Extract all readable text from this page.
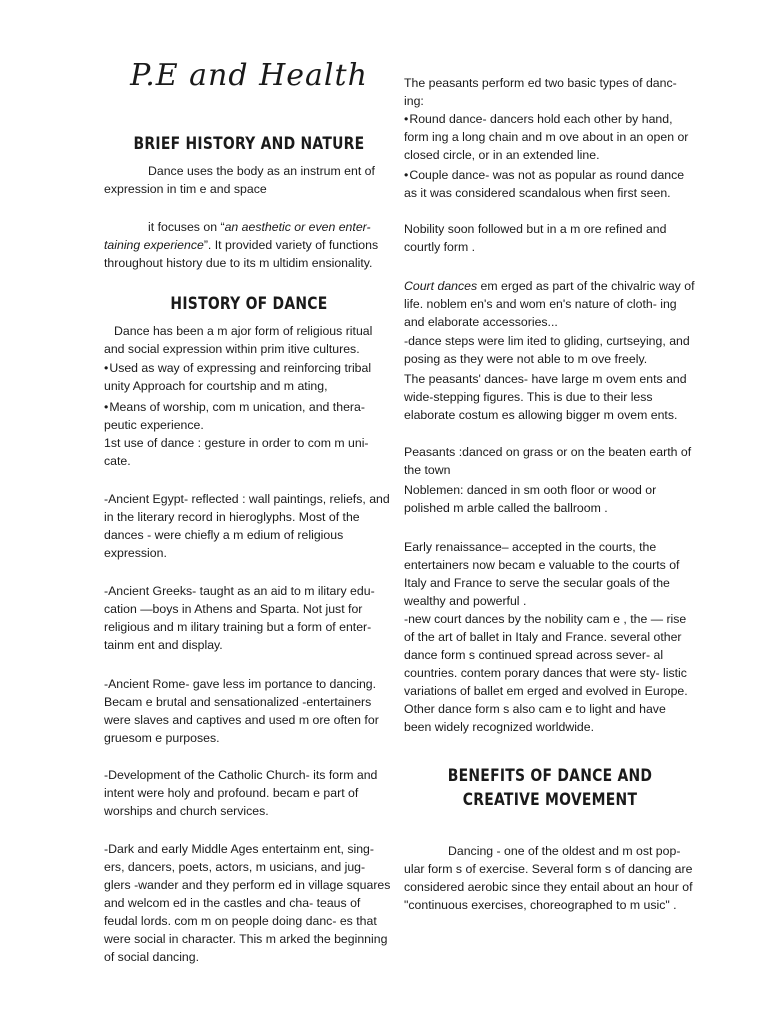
P.E and Health
BRIEF HISTORY AND NATURE

Dance uses the body as an instrum ent of expression in tim e and space

it focuses on “an aesthetic or even enter- taining experience”. It provided variety of functions throughout history due to its m ultidim ensionality.

HISTORY OF DANCE

Dance has been a m ajor form of religious ritual and social expression within prim itive cultures.

• Used as way of expressing and reinforcing tribal unity Approach for courtship and m ating,

• Means of worship, com m unication, and thera- peutic experience.

1st use of dance : gesture in order to com m uni- cate.

-Ancient Egypt- reflected : wall paintings, reliefs, and in the literary record in hieroglyphs. Most of the dances - were chiefly a m edium of religious expression.

-Ancient Greeks- taught as an aid to m ilitary edu- cation —boys in Athens and Sparta. Not just for religious and m ilitary training but a form of enter- tainm ent and display.

-Ancient Rome- gave less im portance to dancing. Becam e brutal and sensationalized -entertainers were slaves and captives and used m ore often for gruesom e purposes.

-Development of the Catholic Church- its form and intent were holy and profound. becam e part of worships and church services.

-Dark and early Middle Ages entertainm ent, sing- ers, dancers, poets, actors, m usicians, and jug- glers -wander and they perform ed in village squares and welcom ed in the castles and cha- teaus of feudal lords. com m on people doing danc- es that were social in character. This m arked the beginning of social dancing.

The peasants perform ed two basic types of danc- ing:

• Round dance- dancers hold each other by hand, form ing a long chain and m ove about in an open or closed circle, or in an extended line.

• Couple dance- was not as popular as round dance as it was considered scandalous when first seen.

Nobility soon followed but in a m ore refined and courtly form .

Court dances em erged as part of the chivalric way of life. noblem en's and wom en's nature of cloth- ing and elaborate accessories...

-dance steps were lim ited to gliding, curtseying, and posing as they were not able to m ove freely.

The peasants' dances- have large m ovem ents and wide-stepping figures. This is due to their less elaborate costum es allowing bigger m ovem ents.

Peasants :danced on grass or on the beaten earth of the town

Noblemen: danced in sm ooth floor or wood or polished m arble called the ballroom .

Early renaissance– accepted in the courts, the entertainers now becam e valuable to the courts of Italy and France to serve the secular goals of the wealthy and powerful .

-new court dances by the nobility cam e , the — rise of the art of ballet in Italy and France. several other dance form s continued spread across sever- al countries. contem porary dances that were sty- listic variations of ballet em erged and evolved in Europe. Other dance form s also cam e to light and have been widely recognized worldwide.

BENEFITS OF DANCE AND CREATIVE MOVEMENT

Dancing - one of the oldest and m ost pop- ular form s of exercise. Several form s of dancing are considered aerobic since they entail about an hour of "continuous exercises, choreographed to m usic" .
